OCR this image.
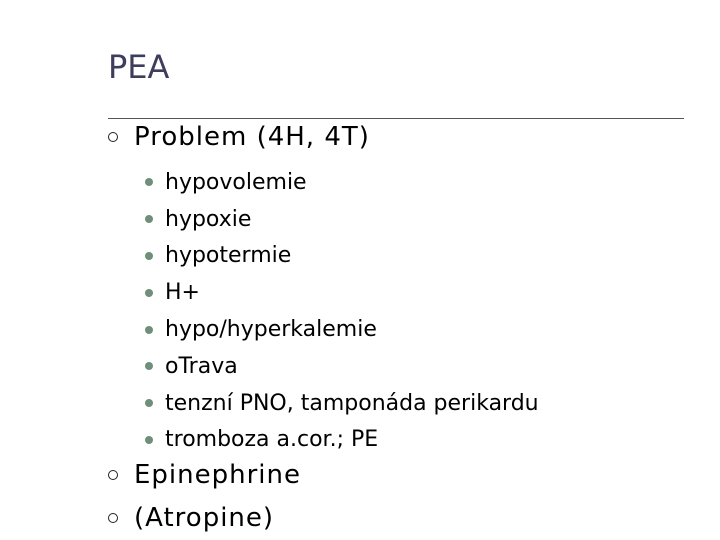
PEA
Problem (4H, 4T)
hypovolemie
hypoxie
hypotermie
H+
hypo/hyperkalemie
oTrava
tenzní PNO, tamponáda perikardu
tromboza a.cor.; PE
Epinephrine
(Atropine)
